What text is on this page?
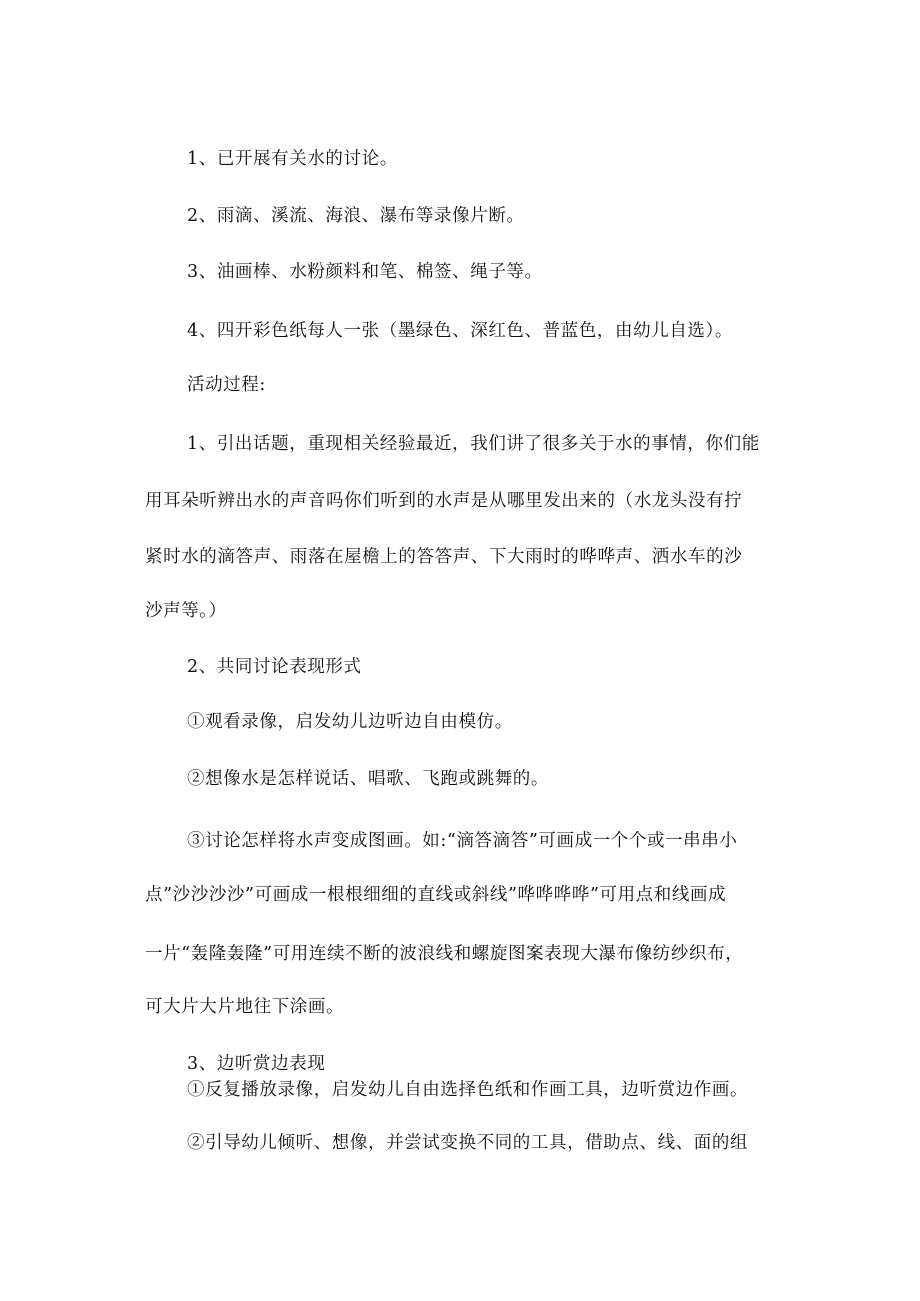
1、已开展有关水的讨论。
2、雨滴、溪流、海浪、瀑布等录像片断。
3、油画棒、水粉颜料和笔、棉签、绳子等。
4、四开彩色纸每人一张（墨绿色、深红色、普蓝色，由幼儿自选）。
活动过程:
1、引出话题，重现相关经验最近，我们讲了很多关于水的事情，你们能
用耳朵听辨出水的声音吗你们听到的水声是从哪里发出来的（水龙头没有拧
紧时水的滴答声、雨落在屋檐上的答答声、下大雨时的哗哗声、洒水车的沙
沙声等。）
2、共同讨论表现形式
①观看录像，启发幼儿边听边自由模仿。
②想像水是怎样说话、唱歌、飞跑或跳舞的。
③讨论怎样将水声变成图画。如:“滴答滴答”可画成一个个或一串串小
点”沙沙沙沙”可画成一根根细细的直线或斜线”哗哗哗哗”可用点和线画成
一片“轰隆轰隆”可用连续不断的波浪线和螺旋图案表现大瀑布像纺纱织布，
可大片大片地往下涂画。
3、边听赏边表现
①反复播放录像，启发幼儿自由选择色纸和作画工具，边听赏边作画。
②引导幼儿倾听、想像，并尝试变换不同的工具，借助点、线、面的组
